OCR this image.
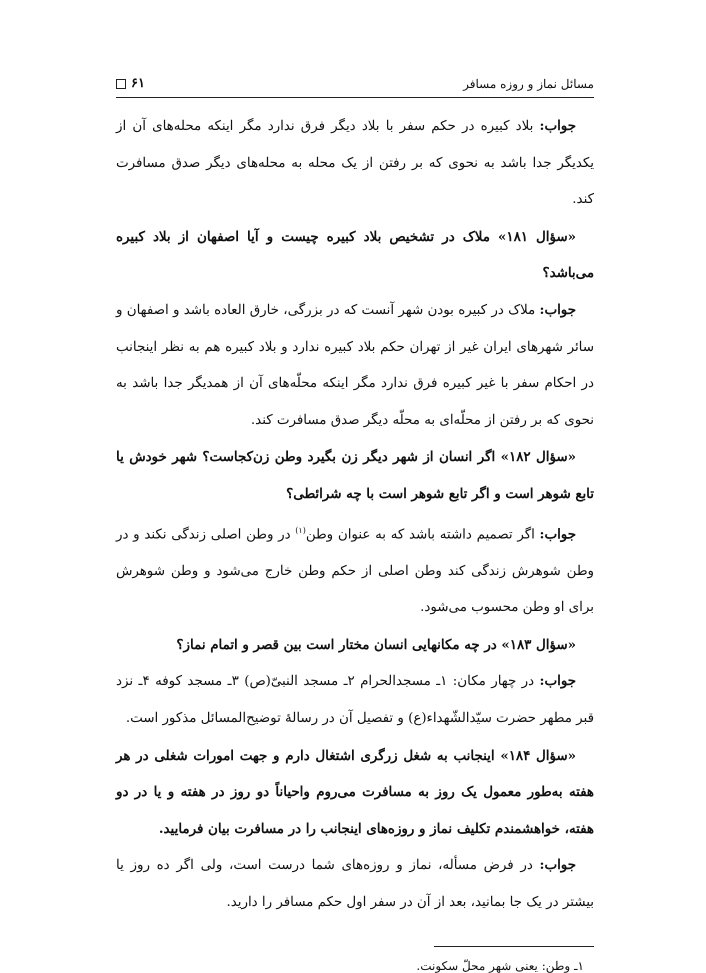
مسائل نماز و روزه مسافر
۶۱

جواب: بلاد کبیره در حکم سفر با بلاد دیگر فرق ندارد مگر اینکه محله‌های آن از یکدیگر جدا باشد به نحوی که بر رفتن از یک محله به محله‌های دیگر صدق مسافرت کند.

«سؤال ۱۸۱» ملاک در تشخیص بلاد کبیره چیست و آیا اصفهان از بلاد کبیره می‌باشد؟

جواب: ملاک در کبیره بودن شهر آنست که در بزرگی، خارق العاده باشد و اصفهان و سائر شهرهای ایران غیر از تهران حکم بلاد کبیره ندارد و بلاد کبیره هم به نظر اینجانب در احکام سفر با غیر کبیره فرق ندارد مگر اینکه محلّه‌های آن از همدیگر جدا باشد به نحوی که بر رفتن از محلّه‌ای به محلّه دیگر صدق مسافرت کند.

«سؤال ۱۸۲» اگر انسان از شهر دیگر زن بگیرد وطن زن‌کجاست؟ شهر خودش یا تابع شوهر است و اگر تابع شوهر است با چه شرائطی؟

جواب: اگر تصمیم داشته باشد که به عنوان وطن$^{(۱)}$ در وطن اصلی زندگی نکند و در وطن شوهرش زندگی کند وطن اصلی از حکم وطن خارج می‌شود و وطن شوهرش برای او وطن محسوب می‌شود.

«سؤال ۱۸۳» در چه مکانهایی انسان مختار است بین قصر و اتمام نماز؟

جواب: در چهار مکان: ۱ـ مسجدالحرام ۲ـ مسجد النبیّ(ص) ۳ـ مسجد کوفه ۴ـ نزد قبر مطهر حضرت سیّدالشّهداء(ع) و تفصیل آن در رسالهٔ توضیح‌المسائل مذکور است.

«سؤال ۱۸۴» اینجانب به شغل زرگری اشتغال دارم و جهت امورات شغلی در هر هفته به‌طور معمول یک روز به مسافرت می‌روم واحیاناً دو روز در هفته و یا در دو هفته، خواهشمندم تکلیف نماز و روزه‌های اینجانب را در مسافرت بیان فرمایید.

جواب: در فرض مسأله، نماز و روزه‌های شما درست است، ولی اگر ده روز یا بیشتر در یک جا بمانید، بعد از آن در سفر اول حکم مسافر را دارید.

۱ـ وطن: یعنی شهر محلّ سکونت.
